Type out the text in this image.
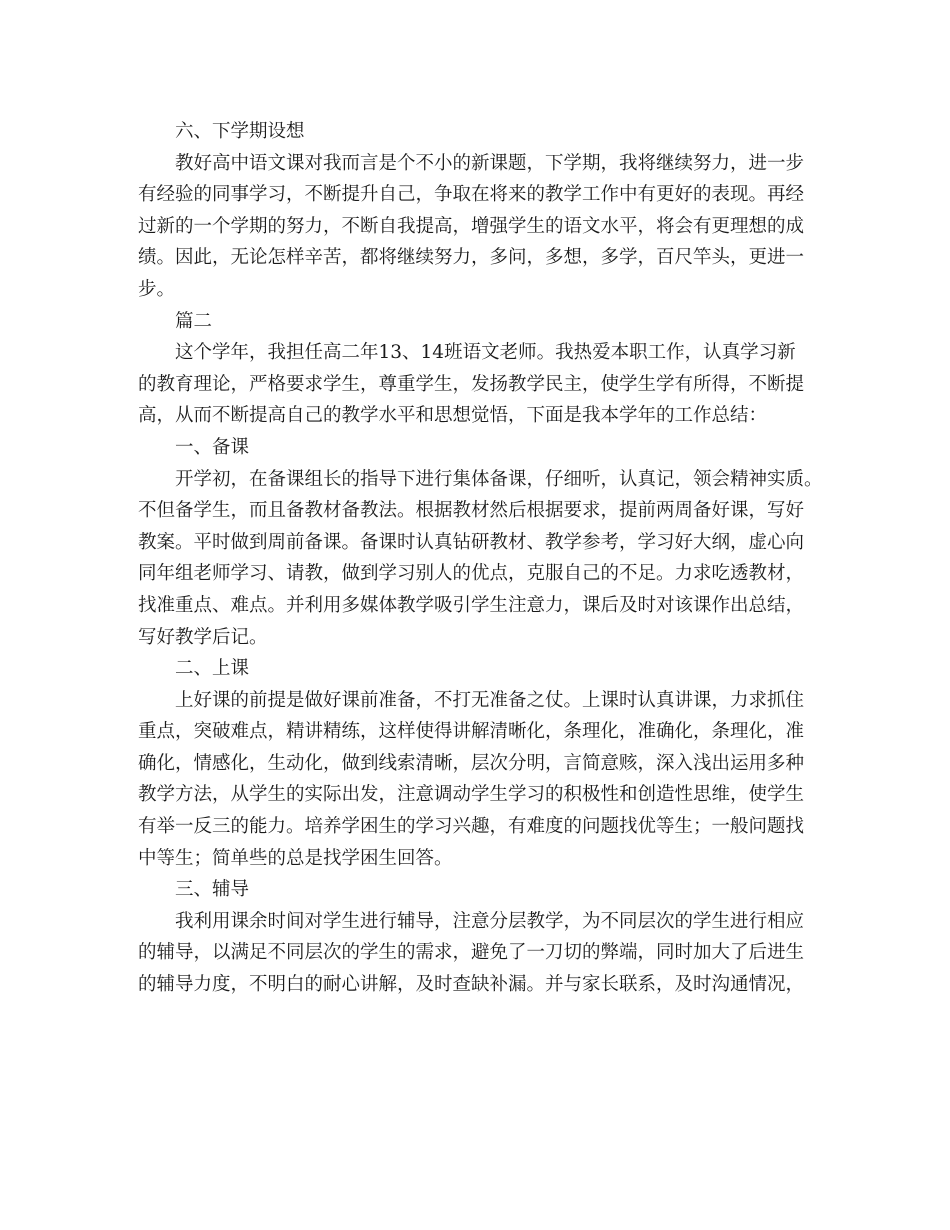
六、下学期设想
教好高中语文课对我而言是个不小的新课题，下学期，我将继续努力，进一步
有经验的同事学习，不断提升自己，争取在将来的教学工作中有更好的表现。再经
过新的一个学期的努力，不断自我提高，增强学生的语文水平，将会有更理想的成
绩。因此，无论怎样辛苦，都将继续努力，多问，多想，多学，百尺竿头，更进一
步。
篇二
这个学年，我担任高二年13、14班语文老师。我热爱本职工作，认真学习新
的教育理论，严格要求学生，尊重学生，发扬教学民主，使学生学有所得，不断提
高，从而不断提高自己的教学水平和思想觉悟，下面是我本学年的工作总结：
一、备课
开学初，在备课组长的指导下进行集体备课，仔细听，认真记，领会精神实质。
不但备学生，而且备教材备教法。根据教材然后根据要求，提前两周备好课，写好
教案。平时做到周前备课。备课时认真钻研教材、教学参考，学习好大纲，虚心向
同年组老师学习、请教，做到学习别人的优点，克服自己的不足。力求吃透教材，
找准重点、难点。并利用多媒体教学吸引学生注意力，课后及时对该课作出总结，
写好教学后记。
二、上课
上好课的前提是做好课前准备，不打无准备之仗。上课时认真讲课，力求抓住
重点，突破难点，精讲精练，这样使得讲解清晰化，条理化，准确化，条理化，准
确化，情感化，生动化，做到线索清晰，层次分明，言简意赅，深入浅出运用多种
教学方法，从学生的实际出发，注意调动学生学习的积极性和创造性思维，使学生
有举一反三的能力。培养学困生的学习兴趣，有难度的问题找优等生；一般问题找
中等生；简单些的总是找学困生回答。
三、辅导
我利用课余时间对学生进行辅导，注意分层教学，为不同层次的学生进行相应
的辅导，以满足不同层次的学生的需求，避免了一刀切的弊端，同时加大了后进生
的辅导力度，不明白的耐心讲解，及时查缺补漏。并与家长联系，及时沟通情况，
